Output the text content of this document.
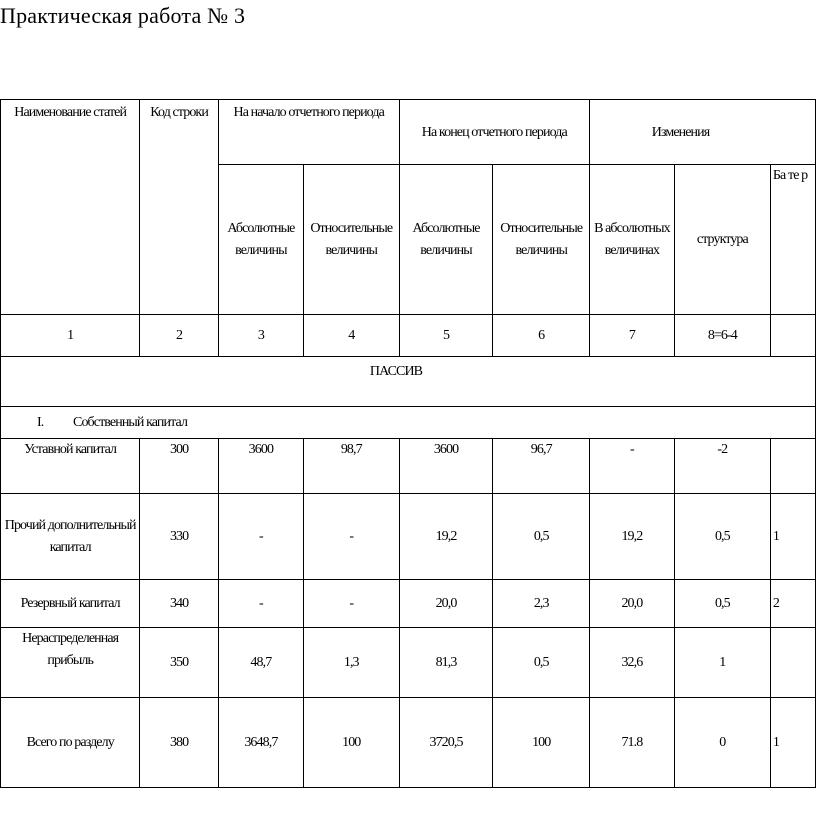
Практическая работа № 3
Наименование статей	Код строки	На начало отчетного периода		На конец отчетного периода		Изменения		
		Абсолютные величины	Относительные величины	Абсолютные величины	Относительные величины	В абсолютных величинах	структура	Ба те р

1	2	3	4	5	6	7	8=6-4	
ПАССИВ								
I. Собственный капитал								
Уставной капитал	300	3600	98,7	3600	96,7	-	-2	
Прочий дополнительный капитал	330	-	-	19,2	0,5	19,2	0,5	1
Резервный капитал	340	-	-	20,0	2,3	20,0	0,5	2
Нераспределенная прибыль	350	48,7	1,3	81,3	0,5	32,6	1	
Всего по разделу	380	3648,7	100	3720,5	100	71.8	0	1
